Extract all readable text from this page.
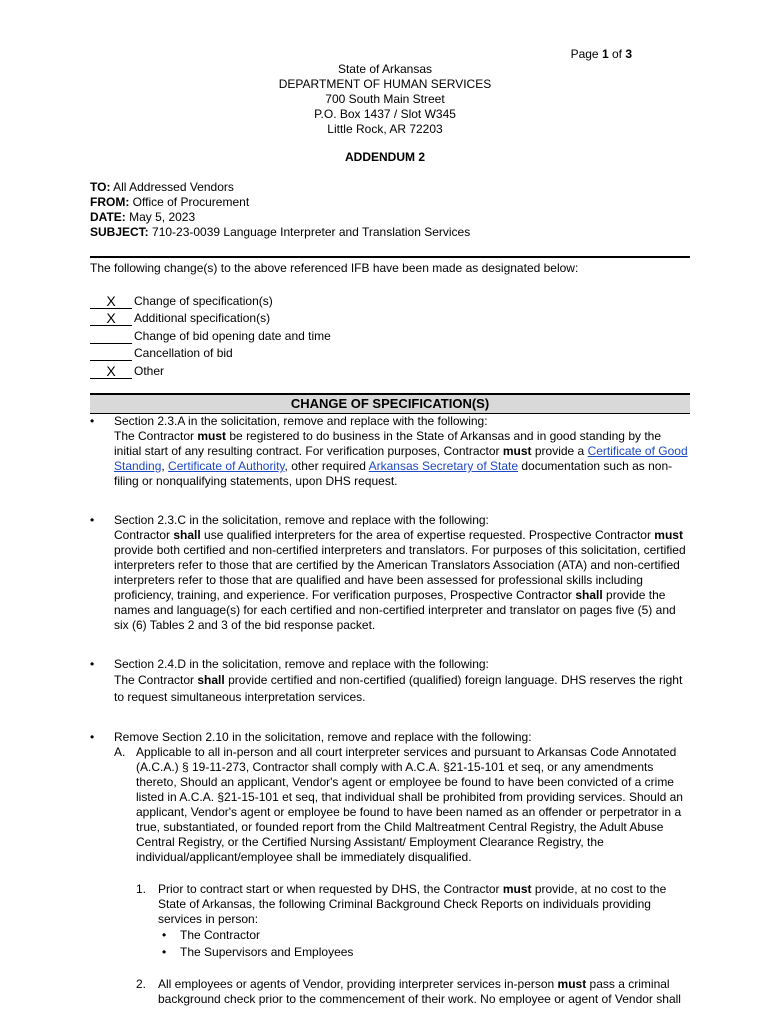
Page 1 of 3
State of Arkansas
DEPARTMENT OF HUMAN SERVICES
700 South Main Street
P.O. Box 1437 / Slot W345
Little Rock, AR 72203
ADDENDUM 2
TO: All Addressed Vendors
FROM: Office of Procurement
DATE: May 5, 2023
SUBJECT: 710-23-0039 Language Interpreter and Translation Services
The following change(s) to the above referenced IFB have been made as designated below:
X	Change of specification(s)
X	Additional specification(s)
Change of bid opening date and time
Cancellation of bid
X	Other
CHANGE OF SPECIFICATION(S)
• Section 2.3.A in the solicitation, remove and replace with the following:
The Contractor must be registered to do business in the State of Arkansas and in good standing by the initial start of any resulting contract. For verification purposes, Contractor must provide a Certificate of Good Standing, Certificate of Authority, other required Arkansas Secretary of State documentation such as non-filing or nonqualifying statements, upon DHS request.
• Section 2.3.C in the solicitation, remove and replace with the following:
Contractor shall use qualified interpreters for the area of expertise requested. Prospective Contractor must provide both certified and non-certified interpreters and translators. For purposes of this solicitation, certified interpreters refer to those that are certified by the American Translators Association (ATA) and non-certified interpreters refer to those that are qualified and have been assessed for professional skills including proficiency, training, and experience. For verification purposes, Prospective Contractor shall provide the names and language(s) for each certified and non-certified interpreter and translator on pages five (5) and six (6) Tables 2 and 3 of the bid response packet.
• Section 2.4.D in the solicitation, remove and replace with the following:
The Contractor shall provide certified and non-certified (qualified) foreign language. DHS reserves the right to request simultaneous interpretation services.
• Remove Section 2.10 in the solicitation, remove and replace with the following:
A. Applicable to all in-person and all court interpreter services and pursuant to Arkansas Code Annotated (A.C.A.) § 19-11-273, Contractor shall comply with A.C.A. §21-15-101 et seq, or any amendments thereto, Should an applicant, Vendor's agent or employee be found to have been convicted of a crime listed in A.C.A. §21-15-101 et seq, that individual shall be prohibited from providing services. Should an applicant, Vendor's agent or employee be found to have been named as an offender or perpetrator in a true, substantiated, or founded report from the Child Maltreatment Central Registry, the Adult Abuse Central Registry, or the Certified Nursing Assistant/ Employment Clearance Registry, the individual/applicant/employee shall be immediately disqualified.
1. Prior to contract start or when requested by DHS, the Contractor must provide, at no cost to the State of Arkansas, the following Criminal Background Check Reports on individuals providing services in person:
• The Contractor
• The Supervisors and Employees
2. All employees or agents of Vendor, providing interpreter services in-person must pass a criminal background check prior to the commencement of their work. No employee or agent of Vendor shall
